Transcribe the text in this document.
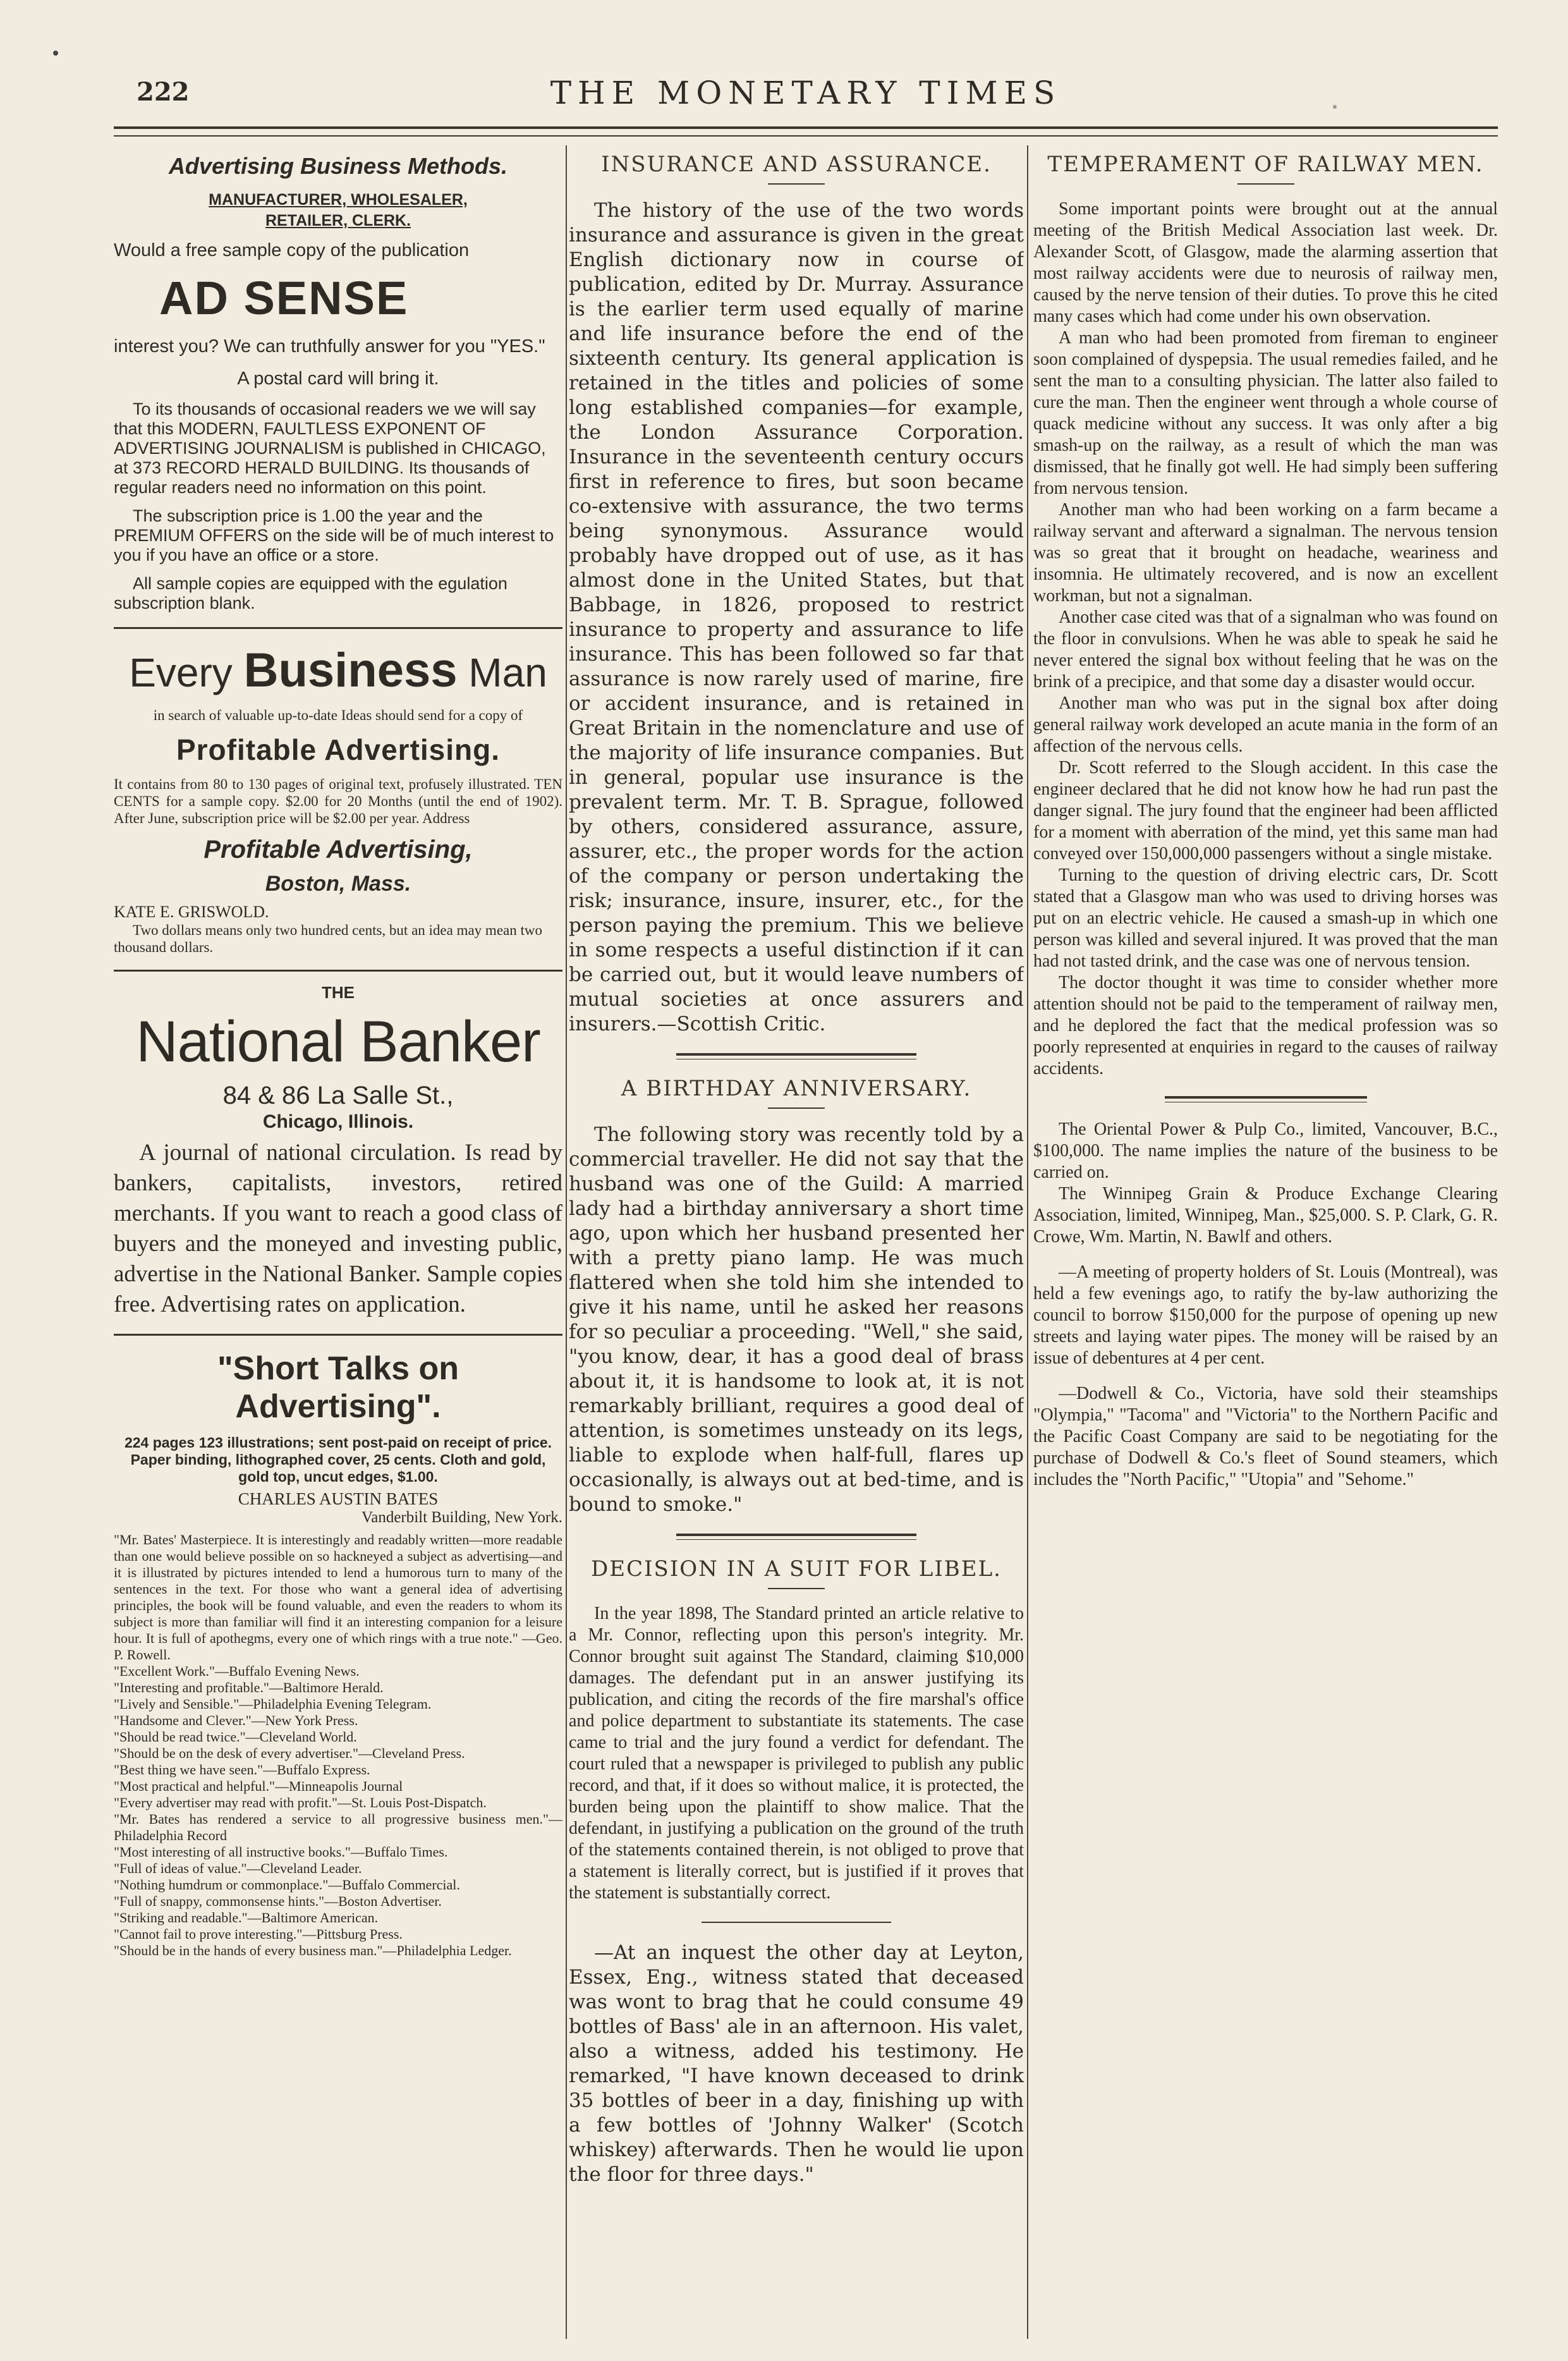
THE MONETARY TIMES
222
Advertising Business Methods.
MANUFACTURER, WHOLESALER,
RETAILER, CLERK.
Would a free sample copy of the publication
AD SENSE
interest you? We can truthfully answer for you "YES."
A postal card will bring it.
To its thousands of occasional readers we we will say that this MODERN, FAULTLESS EXPONENT OF ADVERTISING JOURNALISM is published in CHICAGO, at 373 RECORD HERALD BUILDING. Its thousands of regular readers need no information on this point.
The subscription price is 1.00 the year and the PREMIUM OFFERS on the side will be of much interest to you if you have an office or a store.
All sample copies are equipped with the egulation subscription blank.
Every Business Man
in search of valuable up-to-date Ideas should send for a copy of
Profitable Advertising.
It contains from 80 to 130 pages of original text, profusely illustrated. TEN CENTS for a sample copy. $2.00 for 20 Months (until the end of 1902). After June, subscription price will be $2.00 per year. Address
Profitable Advertising,
Boston, Mass.
KATE E. GRISWOLD.
Two dollars means only two hundred cents, but an idea may mean two thousand dollars.
THE
National Banker
84 & 86 La Salle St.,
Chicago, Illinois.
A journal of national circulation. Is read by bankers, capitalists, investors, retired merchants. If you want to reach a good class of buyers and the moneyed and investing public, advertise in the National Banker. Sample copies free. Advertising rates on application.
"Short Talks on Advertising".
224 pages 123 illustrations; sent post-paid on receipt of price. Paper binding, lithographed cover, 25 cents. Cloth and gold, gold top, uncut edges, $1.00.
CHARLES AUSTIN BATES
Vanderbilt Building, New York.
"Mr. Bates' Masterpiece. It is interestingly and readably written—more readable than one would believe possible on so hackneyed a subject as advertising—and it is illustrated by pictures intended to lend a humorous turn to many of the sentences in the text. For those who want a general idea of advertising principles, the book will be found valuable, and even the readers to whom its subject is more than familiar will find it an interesting companion for a leisure hour. It is full of apothegms, every one of which rings with a true note." —Geo. P. Rowell.
"Excellent Work."—Buffalo Evening News.
"Interesting and profitable."—Baltimore Herald.
"Lively and Sensible."—Philadelphia Evening Telegram.
"Handsome and Clever."—New York Press.
"Should be read twice."—Cleveland World.
"Should be on the desk of every advertiser."—Cleveland Press.
"Best thing we have seen."—Buffalo Express.
"Most practical and helpful."—Minneapolis Journal
"Every advertiser may read with profit."—St. Louis Post-Dispatch.
"Mr. Bates has rendered a service to all progressive business men."—Philadelphia Record
"Most interesting of all instructive books."—Buffalo Times.
"Full of ideas of value."—Cleveland Leader.
"Nothing humdrum or commonplace."—Buffalo Commercial.
"Full of snappy, commonsense hints."—Boston Advertiser.
"Striking and readable."—Baltimore American.
"Cannot fail to prove interesting."—Pittsburg Press.
"Should be in the hands of every business man."—Philadelphia Ledger.
INSURANCE AND ASSURANCE.

The history of the use of the two words insurance and assurance is given in the great English dictionary now in course of publication, edited by Dr. Murray. Assurance is the earlier term used equally of marine and life insurance before the end of the sixteenth century. Its general application is retained in the titles and policies of some long established companies—for example, the London Assurance Corporation. Insurance in the seventeenth century occurs first in reference to fires, but soon became co-extensive with assurance, the two terms being synonymous. Assurance would probably have dropped out of use, as it has almost done in the United States, but that Babbage, in 1826, proposed to restrict insurance to property and assurance to life insurance. This has been followed so far that assurance is now rarely used of marine, fire or accident insurance, and is retained in Great Britain in the nomenclature and use of the majority of life insurance companies. But in general, popular use insurance is the prevalent term. Mr. T. B. Sprague, followed by others, considered assurance, assure, assurer, etc., the proper words for the action of the company or person undertaking the risk; insurance, insure, insurer, etc., for the person paying the premium. This we believe in some respects a useful distinction if it can be carried out, but it would leave numbers of mutual societies at once assurers and insurers.—Scottish Critic.

A BIRTHDAY ANNIVERSARY.

The following story was recently told by a commercial traveller. He did not say that the husband was one of the Guild: A married lady had a birthday anniversary a short time ago, upon which her husband presented her with a pretty piano lamp. He was much flattered when she told him she intended to give it his name, until he asked her reasons for so peculiar a proceeding. "Well," she said, "you know, dear, it has a good deal of brass about it, it is handsome to look at, it is not remarkably brilliant, requires a good deal of attention, is sometimes unsteady on its legs, liable to explode when half-full, flares up occasionally, is always out at bed-time, and is bound to smoke."

DECISION IN A SUIT FOR LIBEL.

In the year 1898, The Standard printed an article relative to a Mr. Connor, reflecting upon this person's integrity. Mr. Connor brought suit against The Standard, claiming $10,000 damages. The defendant put in an answer justifying its publication, and citing the records of the fire marshal's office and police department to substantiate its statements. The case came to trial and the jury found a verdict for defendant. The court ruled that a newspaper is privileged to publish any public record, and that, if it does so without malice, it is protected, the burden being upon the plaintiff to show malice. That the defendant, in justifying a publication on the ground of the truth of the statements contained therein, is not obliged to prove that a statement is literally correct, but is justified if it proves that the statement is substantially correct.

—At an inquest the other day at Leyton, Essex, Eng., witness stated that deceased was wont to brag that he could consume 49 bottles of Bass' ale in an afternoon. His valet, also a witness, added his testimony. He remarked, "I have known deceased to drink 35 bottles of beer in a day, finishing up with a few bottles of 'Johnny Walker' (Scotch whiskey) afterwards. Then he would lie upon the floor for three days."

TEMPERAMENT OF RAILWAY MEN.

Some important points were brought out at the annual meeting of the British Medical Association last week. Dr. Alexander Scott, of Glasgow, made the alarming assertion that most railway accidents were due to neurosis of railway men, caused by the nerve tension of their duties. To prove this he cited many cases which had come under his own observation.

A man who had been promoted from fireman to engineer soon complained of dyspepsia. The usual remedies failed, and he sent the man to a consulting physician. The latter also failed to cure the man. Then the engineer went through a whole course of quack medicine without any success. It was only after a big smash-up on the railway, as a result of which the man was dismissed, that he finally got well. He had simply been suffering from nervous tension.

Another man who had been working on a farm became a railway servant and afterward a signalman. The nervous tension was so great that it brought on headache, weariness and insomnia. He ultimately recovered, and is now an excellent workman, but not a signalman.

Another case cited was that of a signalman who was found on the floor in convulsions. When he was able to speak he said he never entered the signal box without feeling that he was on the brink of a precipice, and that some day a disaster would occur.

Another man who was put in the signal box after doing general railway work developed an acute mania in the form of an affection of the nervous cells.

Dr. Scott referred to the Slough accident. In this case the engineer declared that he did not know how he had run past the danger signal. The jury found that the engineer had been afflicted for a moment with aberration of the mind, yet this same man had conveyed over 150,000,000 passengers without a single mistake.

Turning to the question of driving electric cars, Dr. Scott stated that a Glasgow man who was used to driving horses was put on an electric vehicle. He caused a smash-up in which one person was killed and several injured. It was proved that the man had not tasted drink, and the case was one of nervous tension.

The doctor thought it was time to consider whether more attention should not be paid to the temperament of railway men, and he deplored the fact that the medical profession was so poorly represented at enquiries in regard to the causes of railway accidents.

The Oriental Power & Pulp Co., limited, Vancouver, B.C., $100,000. The name implies the nature of the business to be carried on.

The Winnipeg Grain & Produce Exchange Clearing Association, limited, Winnipeg, Man., $25,000. S. P. Clark, G. R. Crowe, Wm. Martin, N. Bawlf and others.

—A meeting of property holders of St. Louis (Montreal), was held a few evenings ago, to ratify the by-law authorizing the council to borrow $150,000 for the purpose of opening up new streets and laying water pipes. The money will be raised by an issue of debentures at 4 per cent.

—Dodwell & Co., Victoria, have sold their steamships "Olympia," "Tacoma" and "Victoria" to the Northern Pacific and the Pacific Coast Company are said to be negotiating for the purchase of Dodwell & Co.'s fleet of Sound steamers, which includes the "North Pacific," "Utopia" and "Sehome."
